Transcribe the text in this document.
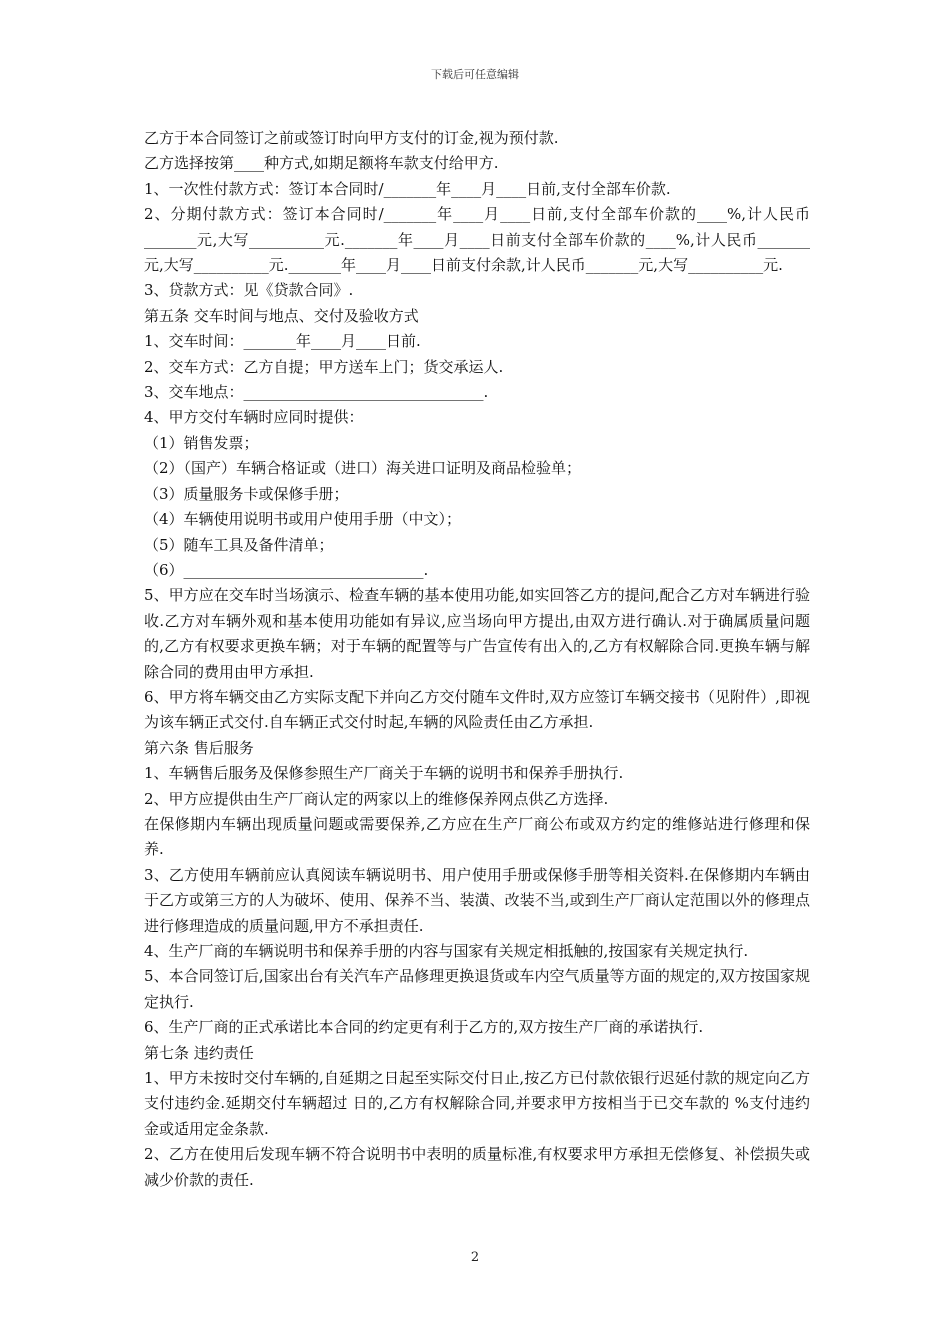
下载后可任意编辑

乙方于本合同签订之前或签订时向甲方支付的订金,视为预付款.

乙方选择按第____种方式,如期足额将车款支付给甲方.

1、一次性付款方式：签订本合同时/_______年____月____日前,支付全部车价款.

2、分期付款方式：签订本合同时/_______年____月____日前,支付全部车价款的____%,计人民币_______元,大写__________元._______年____月____日前支付全部车价款的____%,计人民币_______元,大写__________元._______年____月____日前支付余款,计人民币_______元,大写__________元.

3、贷款方式：见《贷款合同》.

第五条 交车时间与地点、交付及验收方式

1、交车时间：_______年____月____日前.

2、交车方式：乙方自提；甲方送车上门；货交承运人.

3、交车地点：________________________________.

4、甲方交付车辆时应同时提供：

（1）销售发票；

（2）（国产）车辆合格证或（进口）海关进口证明及商品检验单；

（3）质量服务卡或保修手册；

（4）车辆使用说明书或用户使用手册（中文）；

（5）随车工具及备件清单；

（6）________________________________.

5、甲方应在交车时当场演示、检查车辆的基本使用功能,如实回答乙方的提问,配合乙方对车辆进行验收.乙方对车辆外观和基本使用功能如有异议,应当场向甲方提出,由双方进行确认.对于确属质量问题的,乙方有权要求更换车辆；对于车辆的配置等与广告宣传有出入的,乙方有权解除合同.更换车辆与解除合同的费用由甲方承担.

6、甲方将车辆交由乙方实际支配下并向乙方交付随车文件时,双方应签订车辆交接书（见附件）,即视为该车辆正式交付.自车辆正式交付时起,车辆的风险责任由乙方承担.

第六条 售后服务

1、车辆售后服务及保修参照生产厂商关于车辆的说明书和保养手册执行.

2、甲方应提供由生产厂商认定的两家以上的维修保养网点供乙方选择.

在保修期内车辆出现质量问题或需要保养,乙方应在生产厂商公布或双方约定的维修站进行修理和保养.

3、乙方使用车辆前应认真阅读车辆说明书、用户使用手册或保修手册等相关资料.在保修期内车辆由于乙方或第三方的人为破坏、使用、保养不当、装潢、改装不当,或到生产厂商认定范围以外的修理点进行修理造成的质量问题,甲方不承担责任.

4、生产厂商的车辆说明书和保养手册的内容与国家有关规定相抵触的,按国家有关规定执行.

5、本合同签订后,国家出台有关汽车产品修理更换退货或车内空气质量等方面的规定的,双方按国家规定执行.

6、生产厂商的正式承诺比本合同的约定更有利于乙方的,双方按生产厂商的承诺执行.

第七条 违约责任

1、甲方未按时交付车辆的,自延期之日起至实际交付日止,按乙方已付款依银行迟延付款的规定向乙方支付违约金.延期交付车辆超过 日的,乙方有权解除合同,并要求甲方按相当于已交车款的 %支付违约金或适用定金条款.

2、乙方在使用后发现车辆不符合说明书中表明的质量标准,有权要求甲方承担无偿修复、补偿损失或减少价款的责任.

2
